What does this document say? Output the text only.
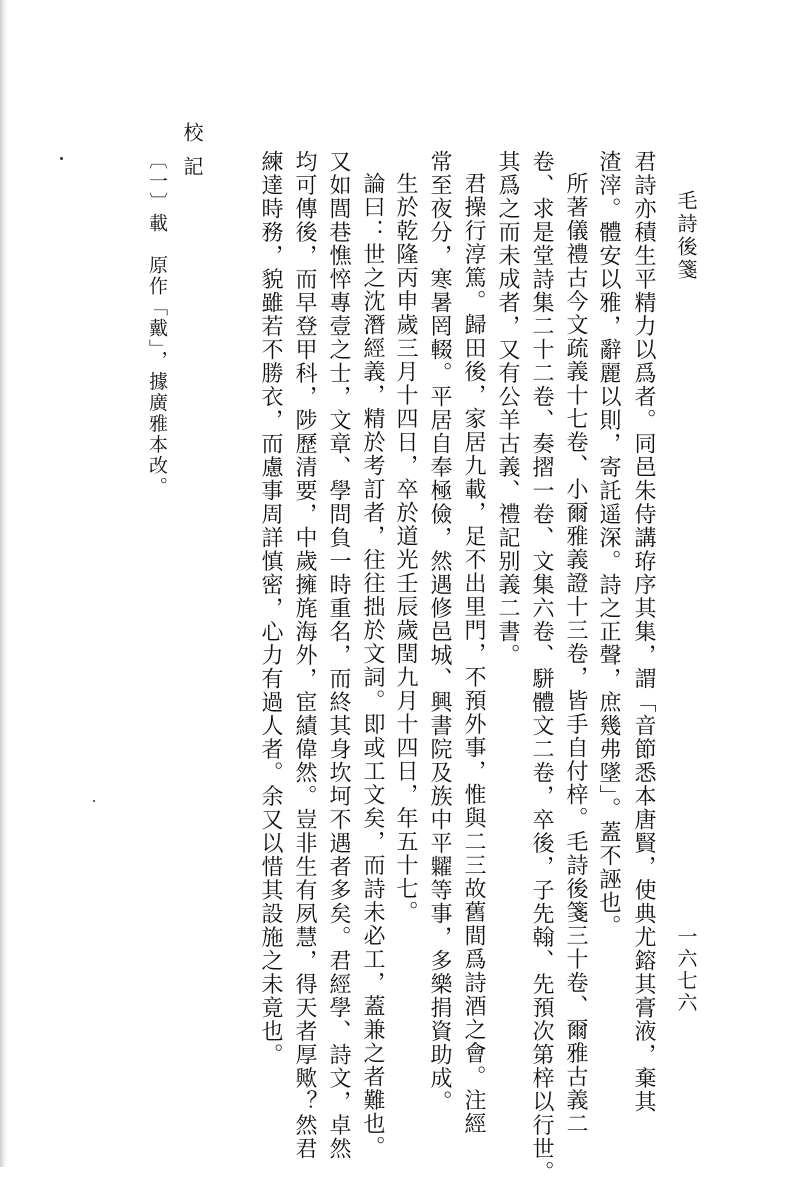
毛詩後箋
一六七六
君詩亦積生平精力以爲者。同邑朱侍講珔序其集，謂「音節悉本唐賢，使典尤鎔其膏液，棄其
渣滓。體安以雅，辭麗以則，寄託遥深。詩之正聲，庶幾弗墜」。蓋不誣也。
所著儀禮古今文疏義十七卷、小爾雅義證十三卷，皆手自付梓。毛詩後箋三十卷、爾雅古義二
卷、求是堂詩集二十二卷、奏摺一卷、文集六卷、駢體文二卷，卒後，子先翰、先預次第梓以行世。
其爲之而未成者，又有公羊古義、禮記别義二書。
君操行淳篤。歸田後，家居九載，足不出里門，不預外事，惟與二三故舊間爲詩酒之會。注經
常至夜分，寒暑罔輟。平居自奉極儉，然遇修邑城、興書院及族中平糶等事，多樂捐資助成。
生於乾隆丙申歲三月十四日，卒於道光壬辰歲閏九月十四日，年五十七。
論曰：世之沈潛經義，精於考訂者，往往拙於文詞。即或工文矣，而詩未必工，蓋兼之者難也。
又如閭巷憔悴專壹之士，文章、學問負一時重名，而終其身坎坷不遇者多矣。君經學、詩文，卓然
均可傳後，而早登甲科，陟歷清要，中歲擁旄海外，宦績偉然。豈非生有夙慧，得天者厚歟？然君
練達時務，貌雖若不勝衣，而慮事周詳慎密，心力有過人者。余又以惜其設施之未竟也。
校記
〔一〕載　原作「戴」，據廣雅本改。
